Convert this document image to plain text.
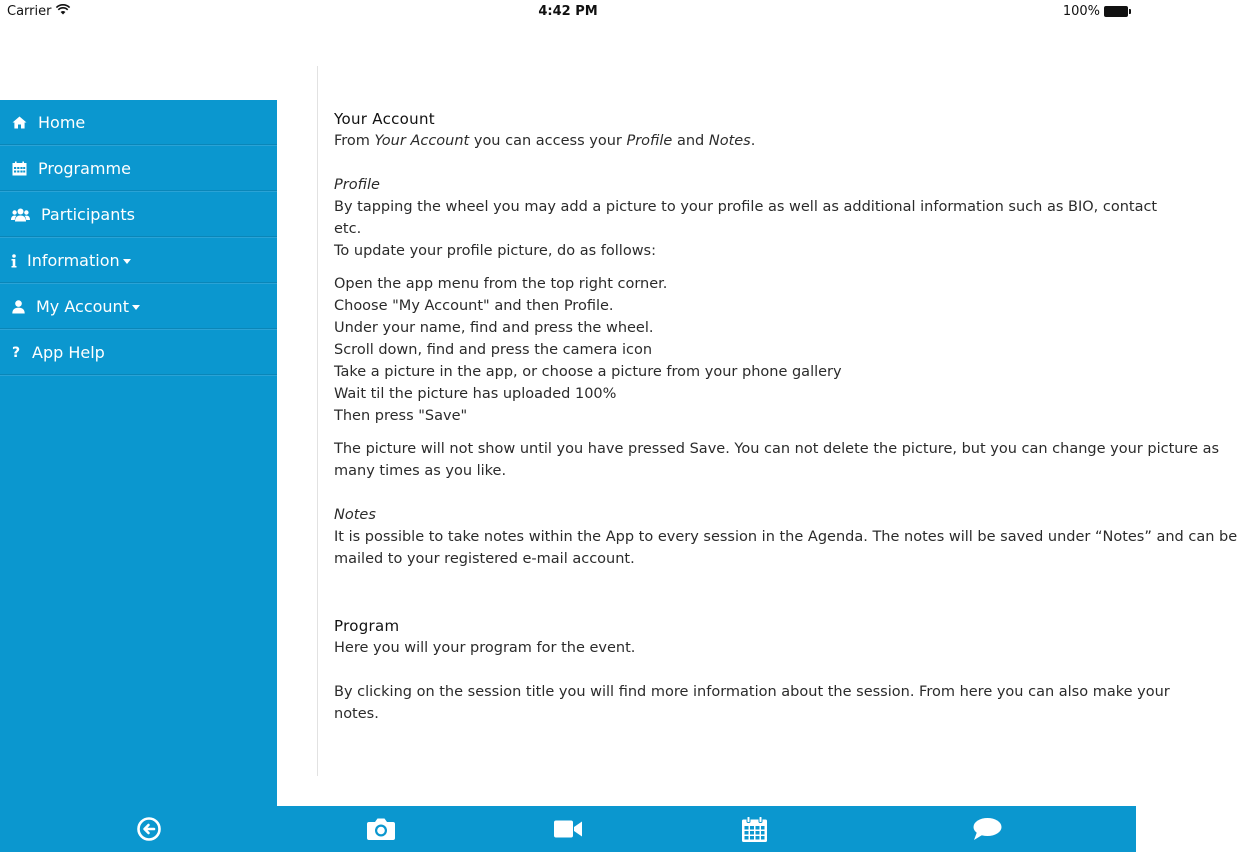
Carrier	4:42 PM	100%
Home
Programme
Participants
Information
My Account
? App Help

Your Account

From Your Account you can access your Profile and Notes.

Profile

By tapping the wheel you may add a picture to your profile as well as additional information such as BIO, contact

etc.

To update your profile picture, do as follows:

Open the app menu from the top right corner.

Choose "My Account" and then Profile.

Under your name, find and press the wheel.

Scroll down, find and press the camera icon

Take a picture in the app, or choose a picture from your phone gallery

Wait til the picture has uploaded 100%

Then press "Save"

The picture will not show until you have pressed Save. You can not delete the picture, but you can change your picture as

many times as you like.

Notes

It is possible to take notes within the App to every session in the Agenda. The notes will be saved under “Notes” and can be

mailed to your registered e-mail account.

Program

Here you will your program for the event.

By clicking on the session title you will find more information about the session. From here you can also make your

notes.
